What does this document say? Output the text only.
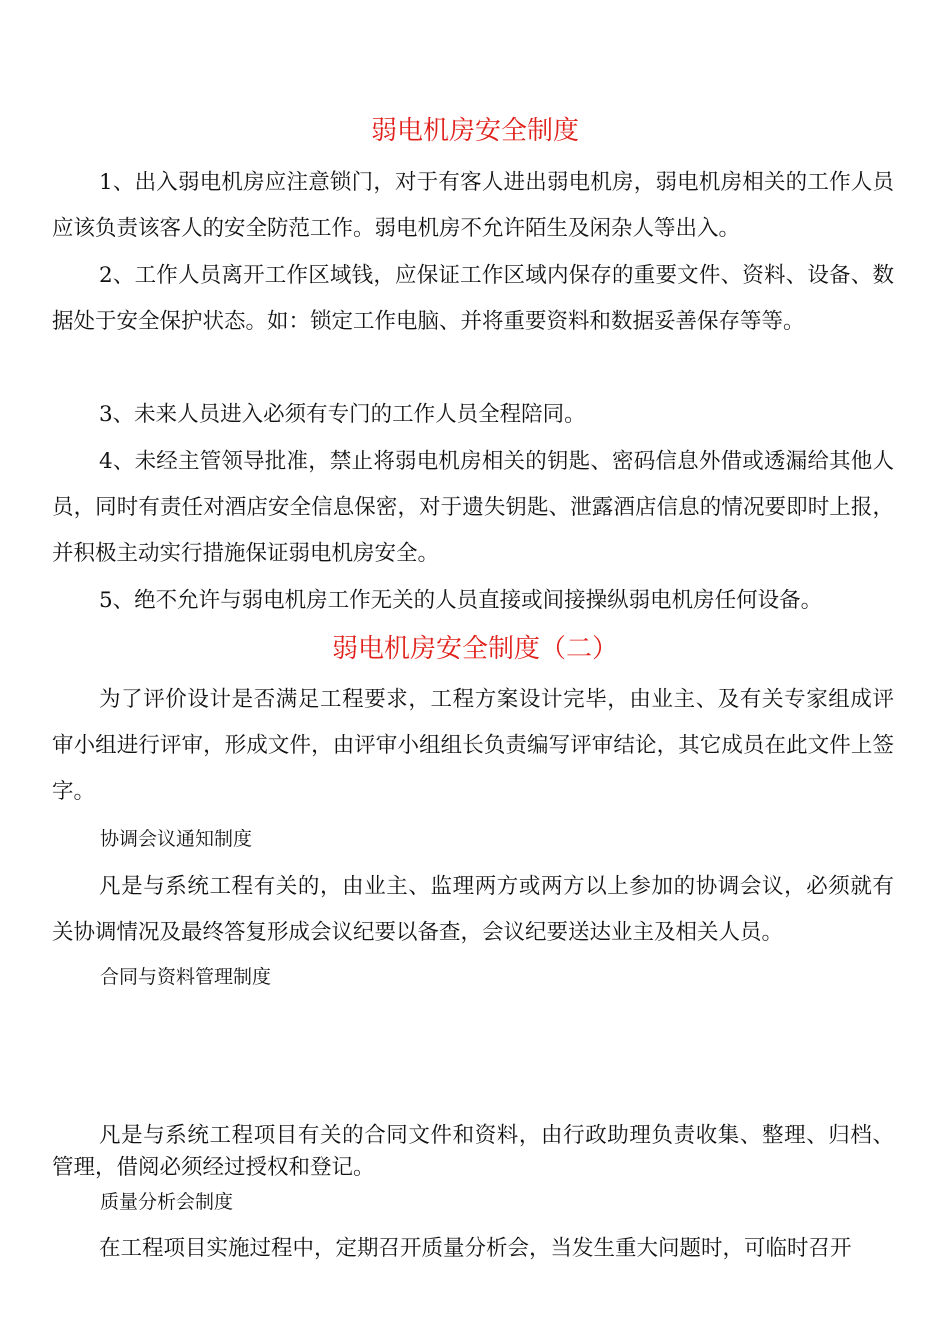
弱电机房安全制度
1、出入弱电机房应注意锁门，对于有客人进出弱电机房，弱电机房相关的工作人员应该负责该客人的安全防范工作。弱电机房不允许陌生及闲杂人等出入。
2、工作人员离开工作区域钱，应保证工作区域内保存的重要文件、资料、设备、数据处于安全保护状态。如：锁定工作电脑、并将重要资料和数据妥善保存等等。
3、未来人员进入必须有专门的工作人员全程陪同。
4、未经主管领导批准，禁止将弱电机房相关的钥匙、密码信息外借或透漏给其他人员，同时有责任对酒店安全信息保密，对于遗失钥匙、泄露酒店信息的情况要即时上报，并积极主动实行措施保证弱电机房安全。
5、绝不允许与弱电机房工作无关的人员直接或间接操纵弱电机房任何设备。
弱电机房安全制度（二）
为了评价设计是否满足工程要求，工程方案设计完毕，由业主、及有关专家组成评审小组进行评审，形成文件，由评审小组组长负责编写评审结论，其它成员在此文件上签字。
协调会议通知制度
凡是与系统工程有关的，由业主、监理两方或两方以上参加的协调会议，必须就有关协调情况及最终答复形成会议纪要以备查，会议纪要送达业主及相关人员。
合同与资料管理制度
凡是与系统工程项目有关的合同文件和资料，由行政助理负责收集、整理、归档、管理，借阅必须经过授权和登记。
质量分析会制度
在工程项目实施过程中，定期召开质量分析会，当发生重大问题时，可临时召开
